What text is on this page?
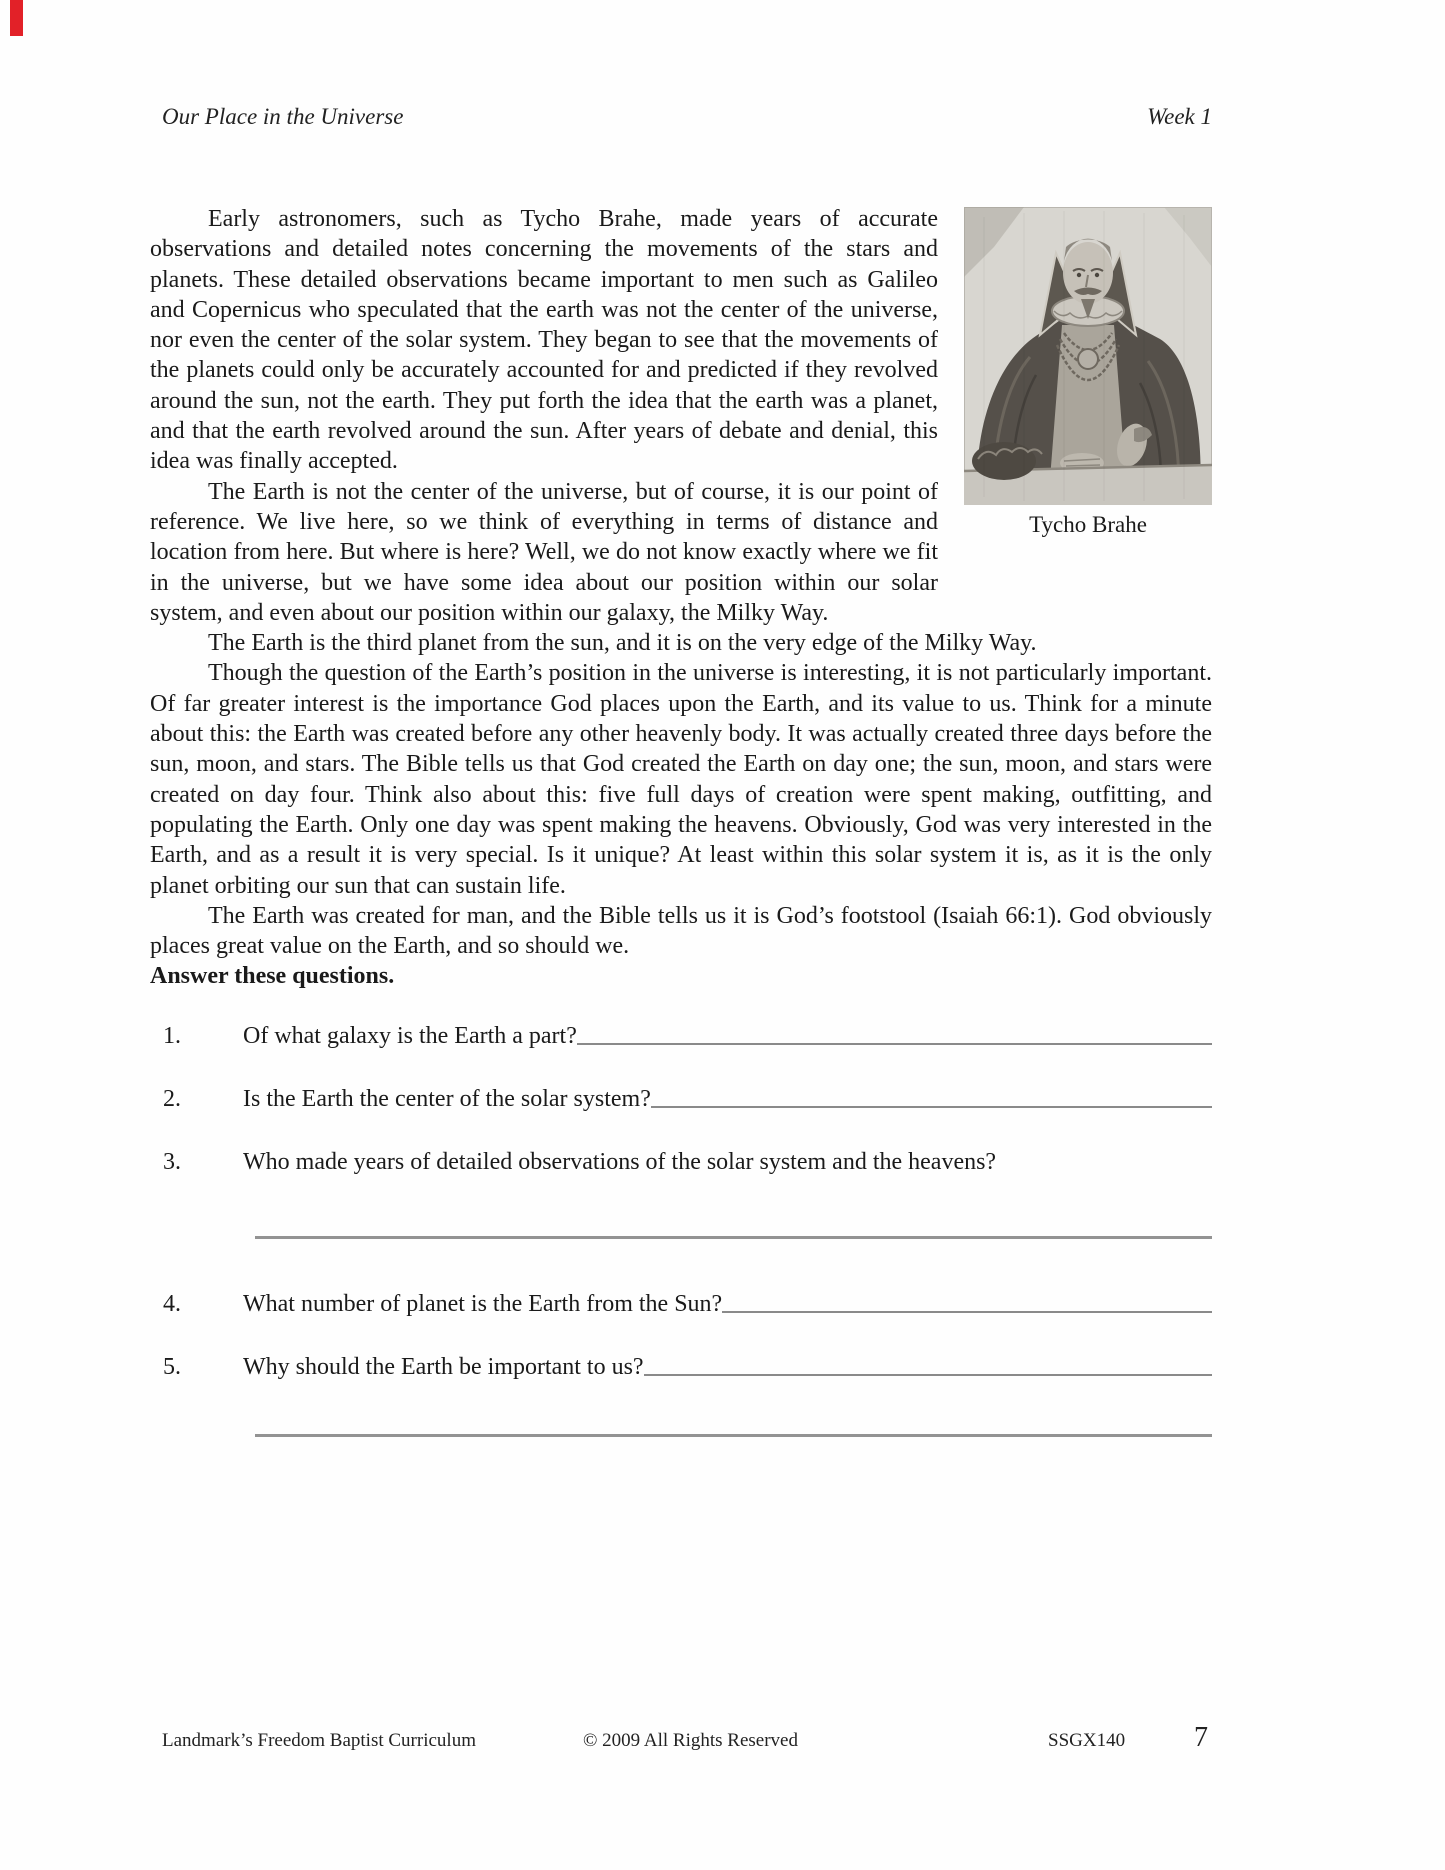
Our Place in the Universe	Week 1
Tycho Brahe

Early astronomers, such as Tycho Brahe, made years of accurate observations and detailed notes concerning the movements of the stars and planets. These detailed observations became important to men such as Galileo and Copernicus who speculated that the earth was not the center of the universe, nor even the center of the solar system. They began to see that the movements of the planets could only be accurately accounted for and predicted if they revolved around the sun, not the earth. They put forth the idea that the earth was a planet, and that the earth revolved around the sun. After years of debate and denial, this idea was finally accepted.

The Earth is not the center of the universe, but of course, it is our point of reference. We live here, so we think of everything in terms of distance and location from here. But where is here? Well, we do not know exactly where we fit in the universe, but we have some idea about our position within our solar system, and even about our position within our galaxy, the Milky Way.

The Earth is the third planet from the sun, and it is on the very edge of the Milky Way.

Though the question of the Earth’s position in the universe is interesting, it is not particularly important. Of far greater interest is the importance God places upon the Earth, and its value to us. Think for a minute about this: the Earth was created before any other heavenly body. It was actually created three days before the sun, moon, and stars. The Bible tells us that God created the Earth on day one; the sun, moon, and stars were created on day four. Think also about this: five full days of creation were spent making, outfitting, and populating the Earth. Only one day was spent making the heavens. Obviously, God was very interested in the Earth, and as a result it is very special. Is it unique? At least within this solar system it is, as it is the only planet orbiting our sun that can sustain life.

The Earth was created for man, and the Bible tells us it is God’s footstool (Isaiah 66:1). God obviously places great value on the Earth, and so should we.

Answer these questions.

1.	Of what galaxy is the Earth a part?
2.	Is the Earth the center of the solar system?
3.	Who made years of detailed observations of the solar system and the heavens?
4.	What number of planet is the Earth from the Sun?
5.	Why should the Earth be important to us?
Landmark’s Freedom Baptist Curriculum	© 2009 All Rights Reserved	SSGX140 7
